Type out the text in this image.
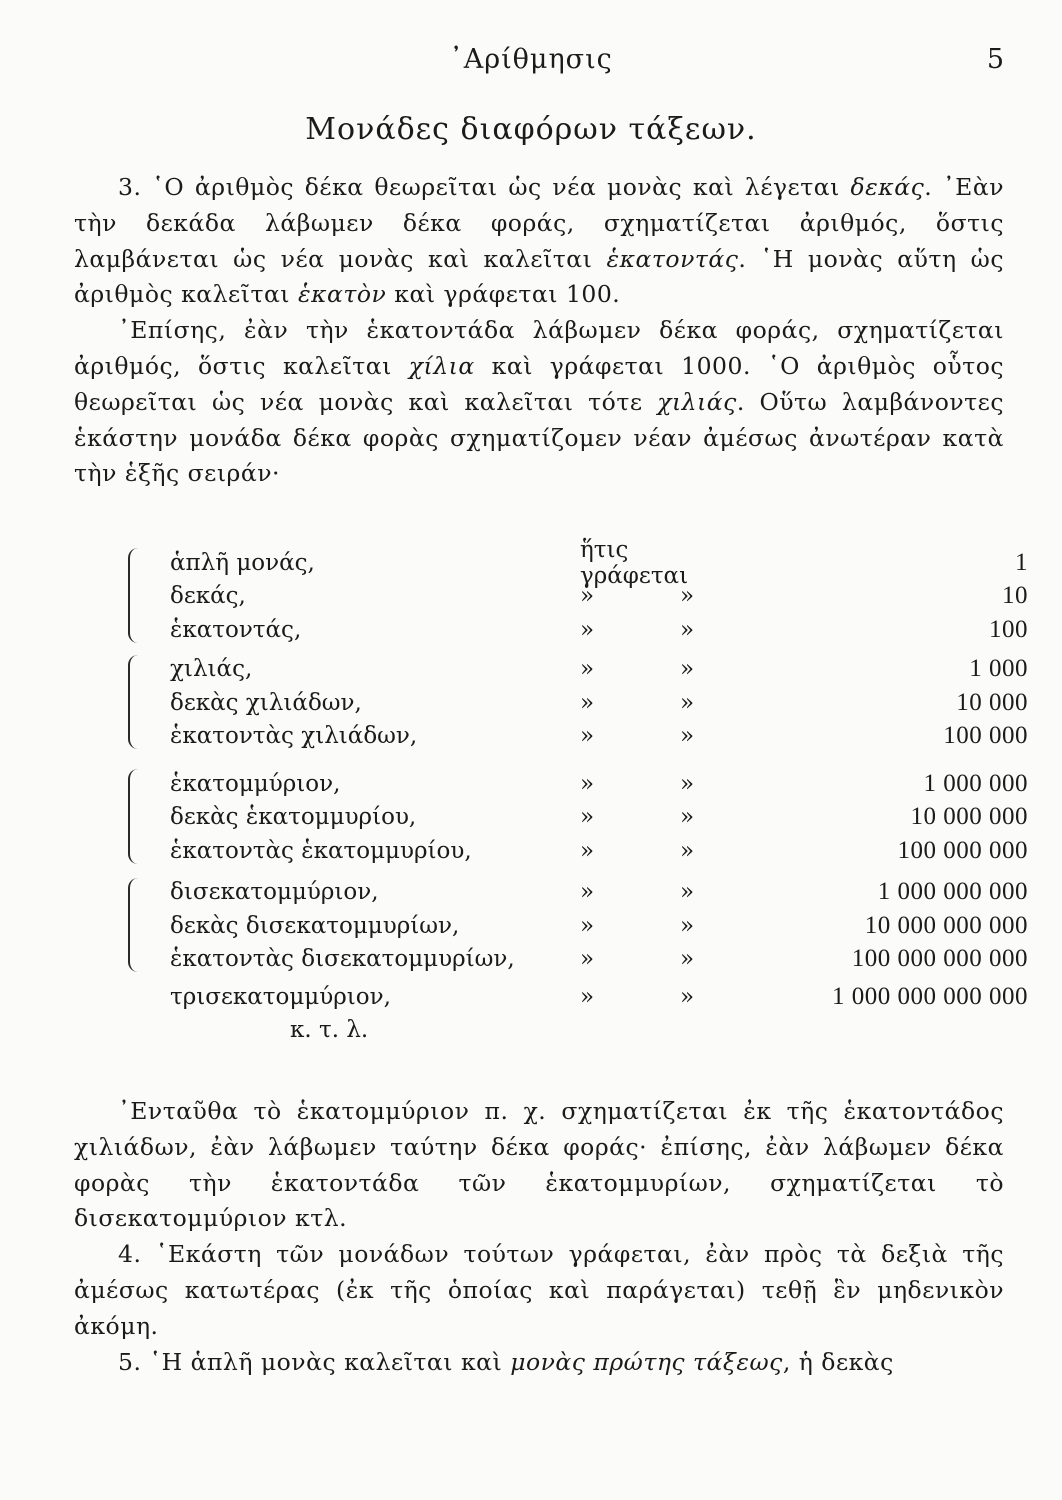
᾿Αρίθμησις	5
Μονάδες διαφόρων τάξεων.

3. ῾Ο ἀριθμὸς δέκα θεωρεῖται ὡς νέα μονὰς καὶ λέγεται δεκάς. ᾿Εὰν τὴν δεκάδα λάβωμεν δέκα φοράς, σχηματίζεται ἀριθμός, ὅστις λαμβάνεται ὡς νέα μονὰς καὶ καλεῖται ἑκατοντάς. ῾Η μονὰς αὕτη ὡς ἀριθμὸς καλεῖται ἑκατὸν καὶ γράφεται 100.

᾿Επίσης, ἐὰν τὴν ἑκατοντάδα λάβωμεν δέκα φοράς, σχηματίζεται ἀριθμός, ὅστις καλεῖται χίλια καὶ γράφεται 1000. ῾Ο ἀριθμὸς οὗτος θεωρεῖται ὡς νέα μονὰς καὶ καλεῖται τότε χιλιάς. Οὕτω λαμβάνοντες ἑκάστην μονάδα δέκα φορὰς σχηματίζομεν νέαν ἀμέσως ἀνωτέραν κατὰ τὴν ἑξῆς σειράν·

ἁπλῆ μονάς,	ἥτις γράφεται	1
δεκάς,	»	»	10
ἑκατοντάς,	»	»	100
χιλιάς,	»	»	1 000
δεκὰς χιλιάδων,	»	»	10 000
ἑκατοντὰς χιλιάδων,	»	»	100 000
ἑκατομμύριον,	»	»	1 000 000
δεκὰς ἑκατομμυρίου,	»	»	10 000 000
ἑκατοντὰς ἑκατομμυρίου,	»	»	100 000 000
δισεκατομμύριον,	»	»	1 000 000 000
δεκὰς δισεκατομμυρίων,	»	»	10 000 000 000
ἑκατοντὰς δισεκατομμυρίων,	»	»	100 000 000 000
τρισεκατομμύριον,	»	»	1 000 000 000 000
κ. τ. λ.

᾿Ενταῦθα τὸ ἑκατομμύριον π. χ. σχηματίζεται ἐκ τῆς ἑκατοντάδος χιλιάδων, ἐὰν λάβωμεν ταύτην δέκα φοράς· ἐπίσης, ἐὰν λάβωμεν δέκα φορὰς τὴν ἑκατοντάδα τῶν ἑκατομμυρίων, σχηματίζεται τὸ δισεκατομμύριον κτλ.

4. ῾Εκάστη τῶν μονάδων τούτων γράφεται, ἐὰν πρὸς τὰ δεξιὰ τῆς ἀμέσως κατωτέρας (ἐκ τῆς ὁποίας καὶ παράγεται) τεθῇ ἓν μηδενικὸν ἀκόμη.

5. ῾Η ἁπλῆ μονὰς καλεῖται καὶ μονὰς πρώτης τάξεως, ἡ δεκὰς
